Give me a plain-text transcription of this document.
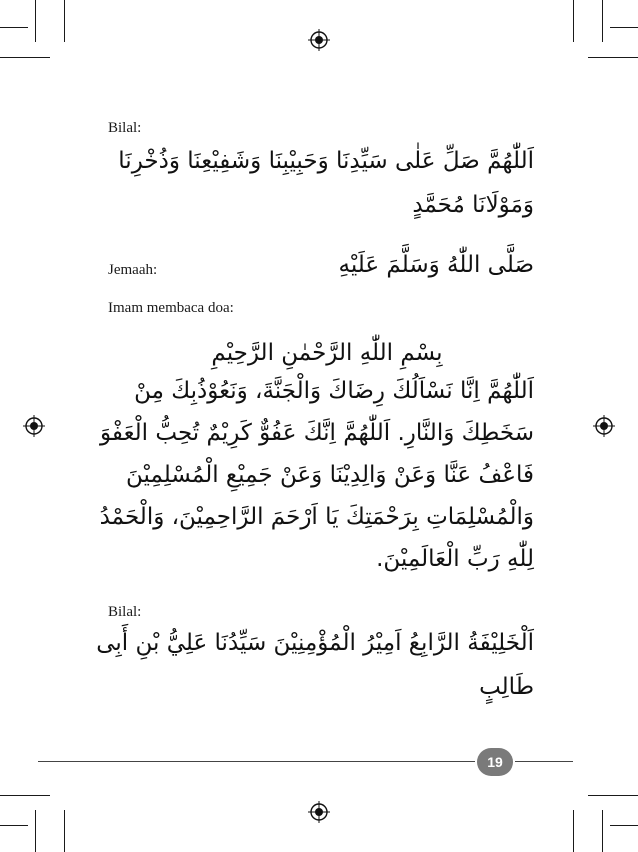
Bilal:
اَللّٰهُمَّ صَلِّ عَلٰى سَيِّدِنَا وَحَبِيْبِنَا وَشَفِيْعِنَا وَذُخْرِنَا
وَمَوْلَانَا مُحَمَّدٍ
Jemaah:	صَلَّى اللّٰهُ وَسَلَّمَ عَلَيْهِ
Imam membaca doa:
بِسْمِ اللّٰهِ الرَّحْمٰنِ الرَّحِيْمِ
اَللّٰهُمَّ اِنَّا نَسْاَلُكَ رِضَاكَ وَالْجَنَّةَ، وَنَعُوْذُبِكَ مِنْ
سَخَطِكَ وَالنَّارِ. اَللّٰهُمَّ اِنَّكَ عَفُوٌّ كَرِيْمٌ تُحِبُّ الْعَفْوَ
فَاعْفُ عَنَّا وَعَنْ وَالِدِيْنَا وَعَنْ جَمِيْعِ الْمُسْلِمِيْنَ
وَالْمُسْلِمَاتِ بِرَحْمَتِكَ يَا اَرْحَمَ الرَّاحِمِيْنَ، وَالْحَمْدُ
لِلّٰهِ رَبِّ الْعَالَمِيْنَ.
Bilal:
اَلْخَلِيْفَةُ الرَّابِعُ اَمِيْرُ الْمُؤْمِنِيْنَ سَيِّدُنَا عَلِيُّ بْنِ أَبِى
طَالِبٍ
19
